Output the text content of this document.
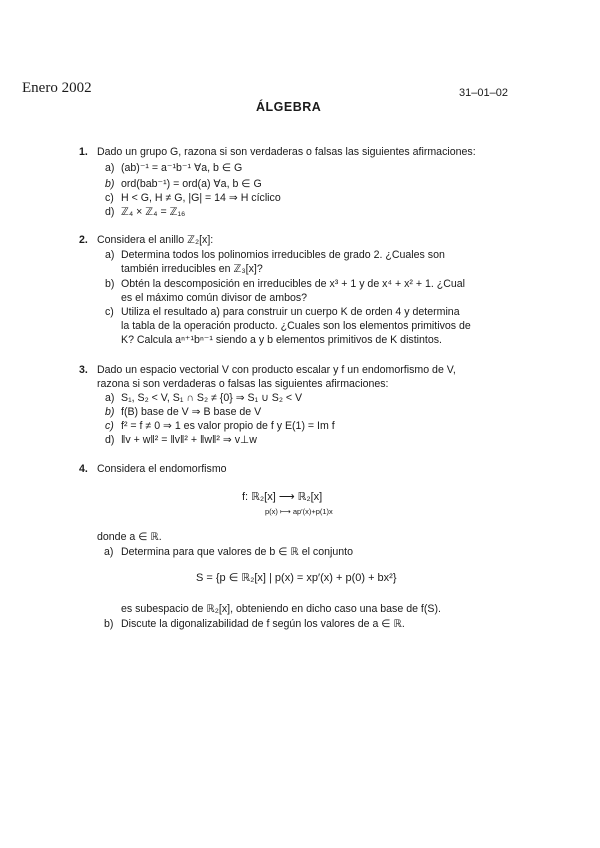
Enero 2002	31–01–02
ÁLGEBRA
1. Dado un grupo G, razona si son verdaderas o falsas las siguientes afirmaciones:
a) (ab)⁻¹ = a⁻¹b⁻¹ ∀a, b ∈ G
b) ord(bab⁻¹) = ord(a) ∀a, b ∈ G
c) H < G, H ≠ G, |G| = 14 ⇒ H cíclico
d) ℤ₄ × ℤ₄ = ℤ₁₆
2. Considera el anillo ℤ₂[x]:
a) Determina todos los polinomios irreducibles de grado 2. ¿Cuales son
también irreducibles en ℤ₃[x]?
b) Obtén la descomposición en irreducibles de x³ + 1 y de x⁴ + x² + 1. ¿Cual
es el máximo común divisor de ambos?
c) Utiliza el resultado a) para construir un cuerpo K de orden 4 y determina
la tabla de la operación producto. ¿Cuales son los elementos primitivos de
K? Calcula aⁿ⁺¹bⁿ⁻¹ siendo a y b elementos primitivos de K distintos.
3. Dado un espacio vectorial V con producto escalar y f un endomorfismo de V,
razona si son verdaderas o falsas las siguientes afirmaciones:
a) S₁, S₂ < V, S₁ ∩ S₂ ≠ {0} ⇒ S₁ ∪ S₂ < V
b) f(B) base de V ⇒ B base de V
c) f² = f ≠ 0 ⇒ 1 es valor propio de f y E(1) = Im f
d) ‖v + w‖² = ‖v‖² + ‖w‖² ⇒ v⊥w
4. Considera el endomorfismo
f: ℝ₂[x] ⟶ ℝ₂[x]
p(x) ⟼ ap′(x)+p(1)x
donde a ∈ ℝ.
a) Determina para que valores de b ∈ ℝ el conjunto
S = {p ∈ ℝ₂[x] | p(x) = xp′(x) + p(0) + bx²}
es subespacio de ℝ₂[x], obteniendo en dicho caso una base de f(S).
b) Discute la digonalizabilidad de f según los valores de a ∈ ℝ.
